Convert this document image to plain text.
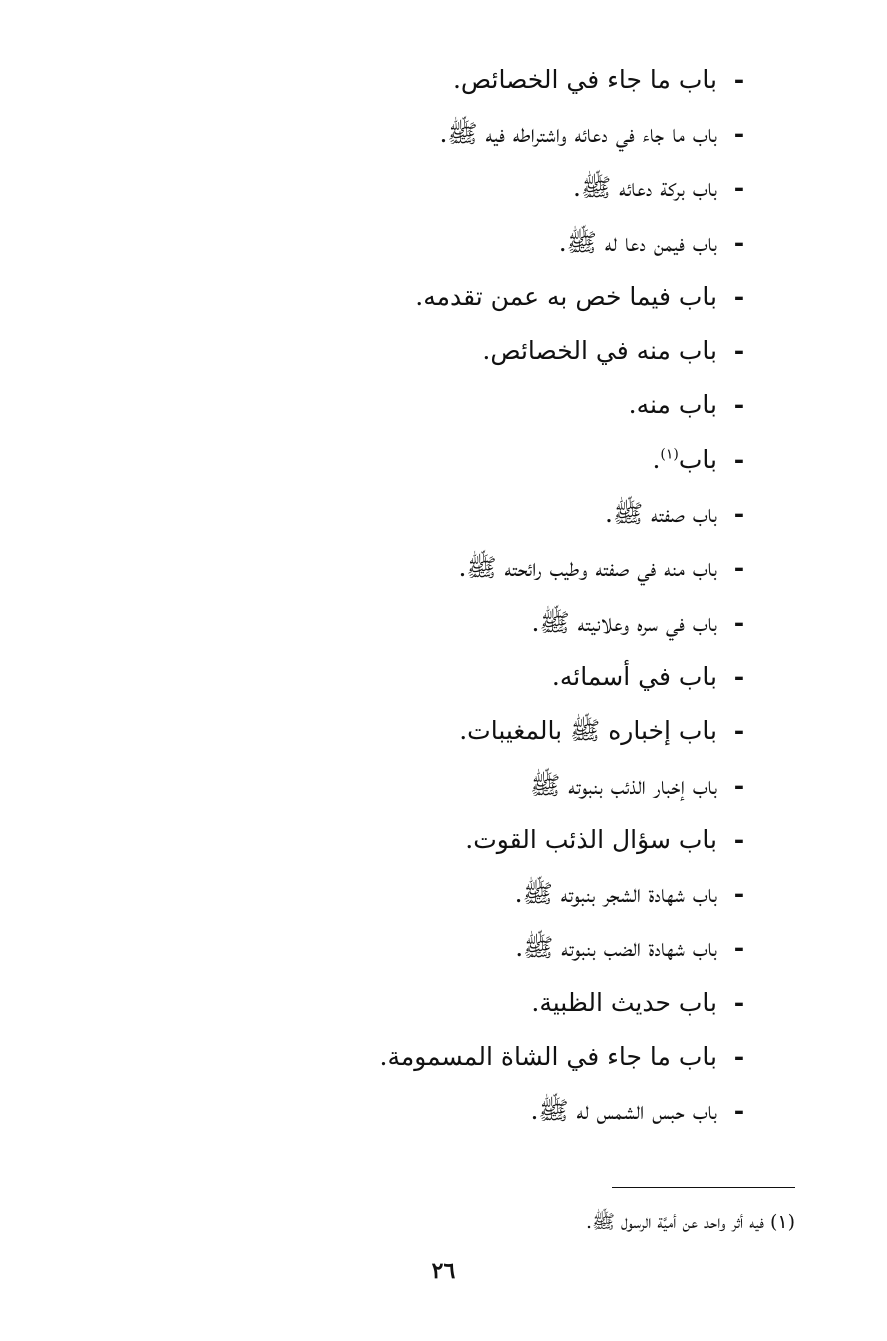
-
باب ما جاء في الخصائص.
-
باب ما جاء في دعائه واشتراطه فيه ﷺ.
-
باب بركة دعائه ﷺ.
-
باب فيمن دعا له ﷺ.
-
باب فيما خص به عمن تقدمه.
-
باب منه في الخصائص.
-
باب منه.
-
باب$^{(١)}$.
-
باب صفته ﷺ.
-
باب منه في صفته وطيب رائحته ﷺ.
-
باب في سره وعلانيته ﷺ.
-
باب في أسمائه.
-
باب إخباره ﷺ بالمغيبات.
-
باب إخبار الذئب بنبوته ﷺ
-
باب سؤال الذئب القوت.
-
باب شهادة الشجر بنبوته ﷺ.
-
باب شهادة الضب بنبوته ﷺ.
-
باب حديث الظبية.
-
باب ما جاء في الشاة المسمومة.
-
باب حبس الشمس له ﷺ.
(١) فيه أثر واحد عن أميَّة الرسول ﷺ.
٢٦
